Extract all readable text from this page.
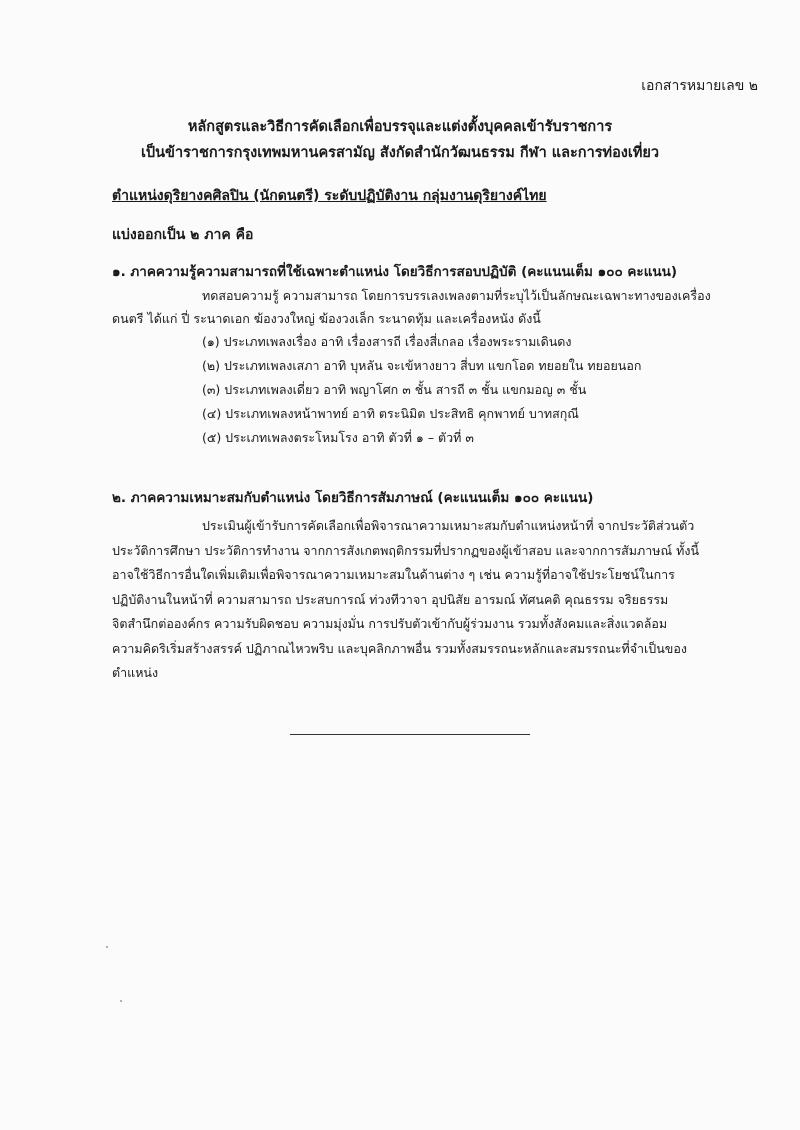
เอกสารหมายเลข ๒
หลักสูตรและวิธีการคัดเลือกเพื่อบรรจุและแต่งตั้งบุคคลเข้ารับราชการ
เป็นข้าราชการกรุงเทพมหานครสามัญ สังกัดสำนักวัฒนธรรม กีฬา และการท่องเที่ยว
ตำแหน่งดุริยางคศิลปิน (นักดนตรี) ระดับปฏิบัติงาน กลุ่มงานดุริยางค์ไทย
แบ่งออกเป็น ๒ ภาค คือ
๑. ภาคความรู้ความสามารถที่ใช้เฉพาะตำแหน่ง โดยวิธีการสอบปฏิบัติ (คะแนนเต็ม ๑๐๐ คะแนน)
ทดสอบความรู้ ความสามารถ โดยการบรรเลงเพลงตามที่ระบุไว้เป็นลักษณะเฉพาะทางของเครื่อง
ดนตรี ได้แก่ ปี่ ระนาดเอก ฆ้องวงใหญ่ ฆ้องวงเล็ก ระนาดทุ้ม และเครื่องหนัง ดังนี้
(๑) ประเภทเพลงเรื่อง อาทิ เรื่องสารถี เรื่องสี่เกลอ เรื่องพระรามเดินดง
(๒) ประเภทเพลงเสภา อาทิ บุหลัน จะเข้หางยาว สี่บท แขกโอด ทยอยใน ทยอยนอก
(๓) ประเภทเพลงเดี่ยว อาทิ พญาโศก ๓ ชั้น สารถี ๓ ชั้น แขกมอญ ๓ ชั้น
(๔) ประเภทเพลงหน้าพาทย์ อาทิ ตระนิมิต ประสิทธิ คุกพาทย์ บาทสกุณี
(๕) ประเภทเพลงตระโหมโรง อาทิ ตัวที่ ๑ – ตัวที่ ๓
๒. ภาคความเหมาะสมกับตำแหน่ง โดยวิธีการสัมภาษณ์ (คะแนนเต็ม ๑๐๐ คะแนน)
ประเมินผู้เข้ารับการคัดเลือกเพื่อพิจารณาความเหมาะสมกับตำแหน่งหน้าที่ จากประวัติส่วนตัว
ประวัติการศึกษา ประวัติการทำงาน จากการสังเกตพฤติกรรมที่ปรากฏของผู้เข้าสอบ และจากการสัมภาษณ์ ทั้งนี้
อาจใช้วิธีการอื่นใดเพิ่มเติมเพื่อพิจารณาความเหมาะสมในด้านต่าง ๆ เช่น ความรู้ที่อาจใช้ประโยชน์ในการ
ปฏิบัติงานในหน้าที่ ความสามารถ ประสบการณ์ ท่วงทีวาจา อุปนิสัย อารมณ์ ทัศนคติ คุณธรรม จริยธรรม
จิตสำนึกต่อองค์กร ความรับผิดชอบ ความมุ่งมั่น การปรับตัวเข้ากับผู้ร่วมงาน รวมทั้งสังคมและสิ่งแวดล้อม
ความคิดริเริ่มสร้างสรรค์ ปฏิภาณไหวพริบ และบุคลิกภาพอื่น รวมทั้งสมรรถนะหลักและสมรรถนะที่จำเป็นของ
ตำแหน่ง
